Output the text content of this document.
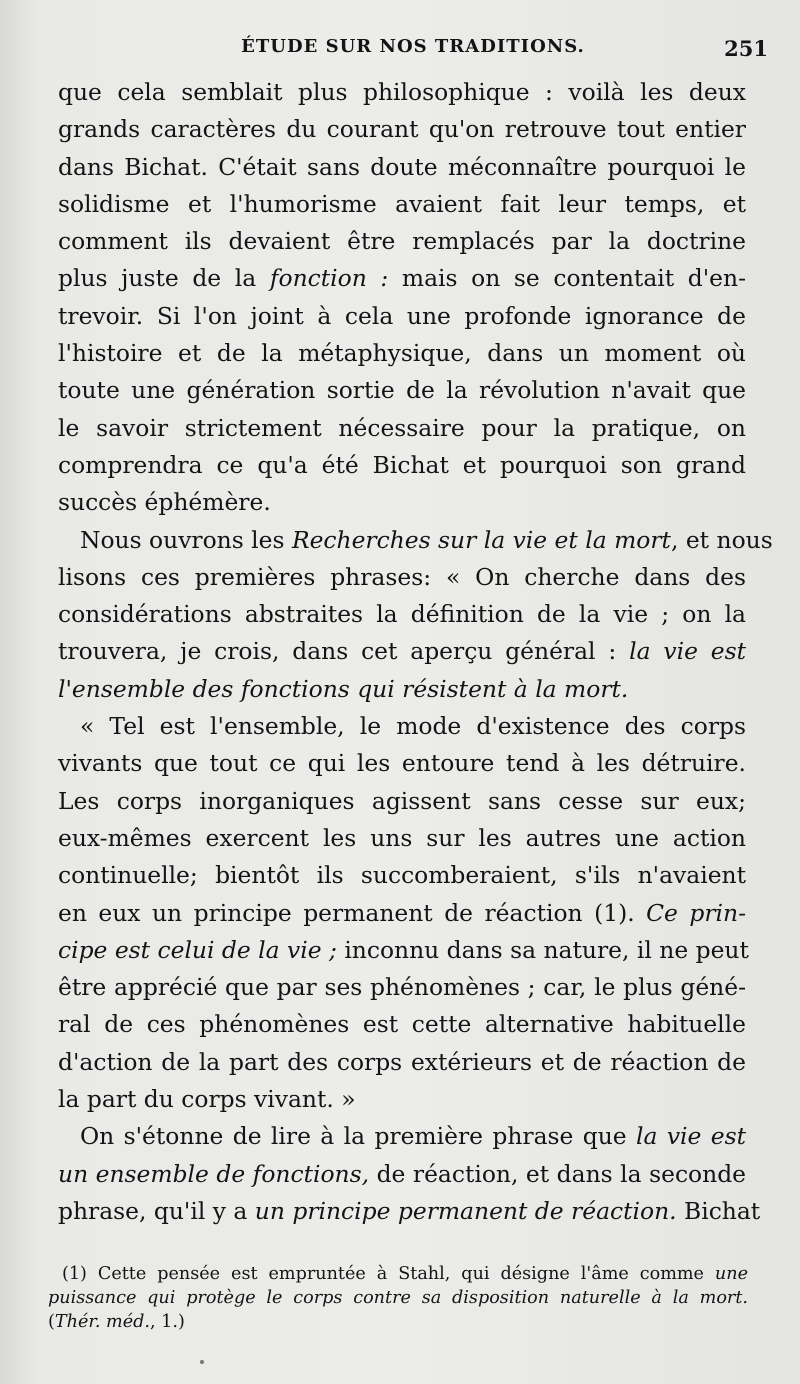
ÉTUDE SUR NOS TRADITIONS.	251
que cela semblait plus philosophique : voilà les deux
grands caractères du courant qu'on retrouve tout entier
dans Bichat. C'était sans doute méconnaître pourquoi le
solidisme et l'humorisme avaient fait leur temps, et
comment ils devaient être remplacés par la doctrine
plus juste de la fonction : mais on se contentait d'en-
trevoir. Si l'on joint à cela une profonde ignorance de
l'histoire et de la métaphysique, dans un moment où
toute une génération sortie de la révolution n'avait que
le savoir strictement nécessaire pour la pratique, on
comprendra ce qu'a été Bichat et pourquoi son grand
succès éphémère.
Nous ouvrons les Recherches sur la vie et la mort, et nous
lisons ces premières phrases: « On cherche dans des
considérations abstraites la définition de la vie ; on la
trouvera, je crois, dans cet aperçu général : la vie est
l'ensemble des fonctions qui résistent à la mort.
« Tel est l'ensemble, le mode d'existence des corps
vivants que tout ce qui les entoure tend à les détruire.
Les corps inorganiques agissent sans cesse sur eux;
eux-mêmes exercent les uns sur les autres une action
continuelle; bientôt ils succomberaient, s'ils n'avaient
en eux un principe permanent de réaction (1). Ce prin-
cipe est celui de la vie ; inconnu dans sa nature, il ne peut
être apprécié que par ses phénomènes ; car, le plus géné-
ral de ces phénomènes est cette alternative habituelle
d'action de la part des corps extérieurs et de réaction de
la part du corps vivant. »
On s'étonne de lire à la première phrase que la vie est
un ensemble de fonctions, de réaction, et dans la seconde
phrase, qu'il y a un principe permanent de réaction. Bichat
(1) Cette pensée est empruntée à Stahl, qui désigne l'âme comme une
puissance qui protège le corps contre sa disposition naturelle à la mort.
(Thér. méd., 1.)
